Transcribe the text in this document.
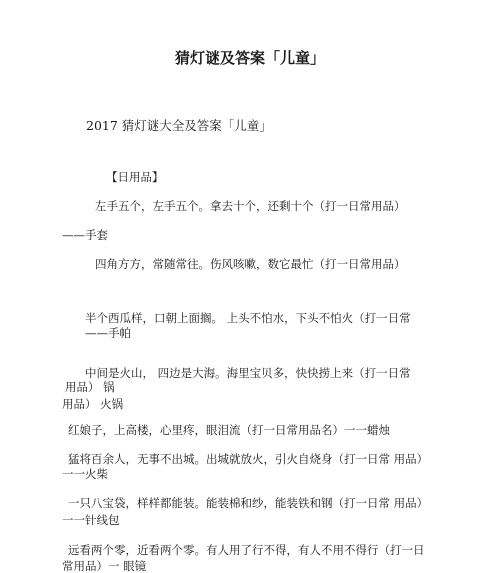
猜灯谜及答案「儿童」
2017 猜灯谜大全及答案「儿童」
【日用品】
左手五个，左手五个。拿去十个，还剩十个（打一日常用品）
——手套
四角方方，常随常往。伤风咳嗽，数它最忙（打一日常用品）
半个西瓜样，口朝上面搁。 上头不怕水，下头不怕火（打一日常
——手帕
中间是火山， 四边是大海。海里宝贝多，快快捞上来（打一日常
用品） 锅
用品） 火锅
红娘子，上高楼，心里疼，眼泪流（打一日常用品名）一一蜡烛
猛将百余人，无事不出城。出城就放火，引火自烧身（打一日常 用品）
一一火柴
一只八宝袋，样样都能装。能装棉和纱，能装铁和钢（打一日常 用品）
一一针线包
远看两个零，近看两个零。有人用了行不得，有人不用不得行（打一日
常用品）一 眼镜
